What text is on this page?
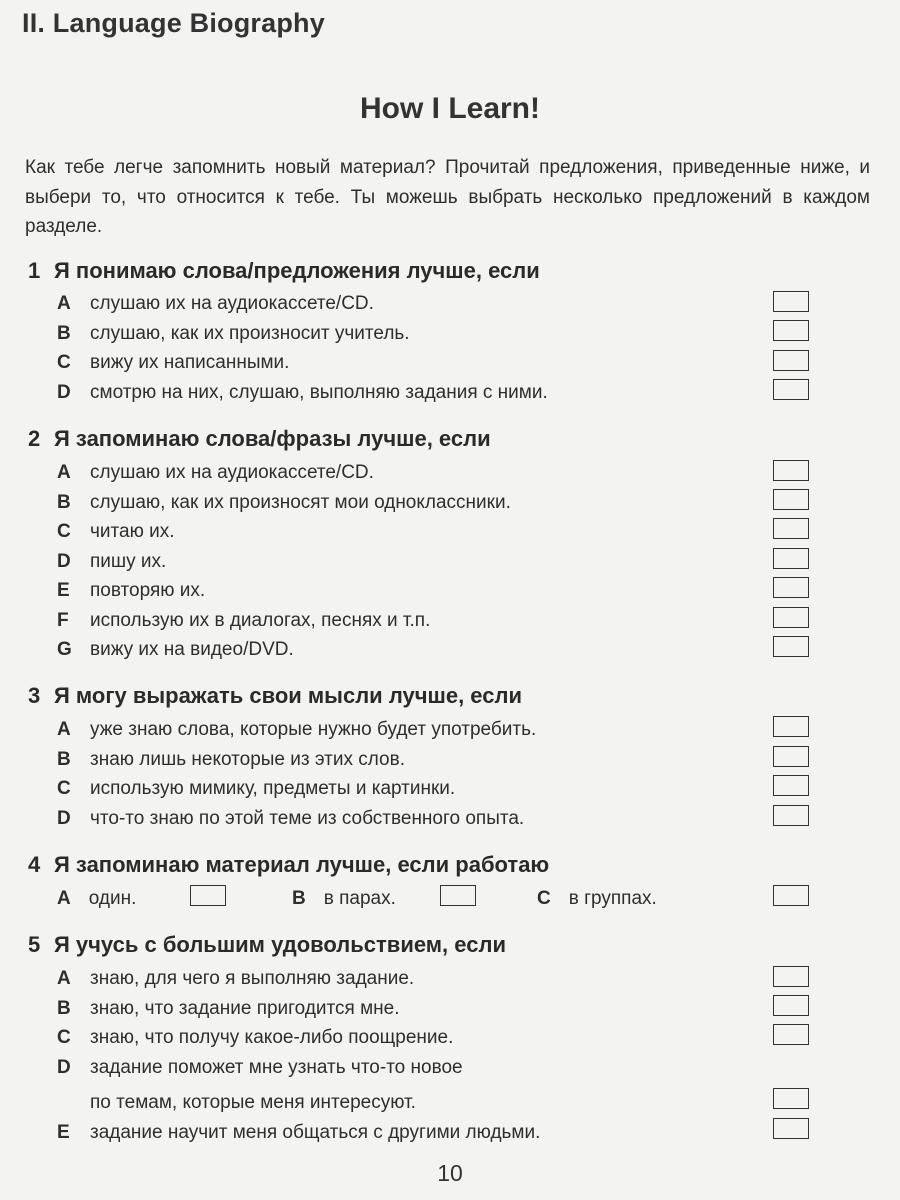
II. Language Biography
How I Learn!
Как тебе легче запомнить новый материал? Прочитай предложения, приведенные ниже, и выбери то, что относится к тебе. Ты можешь выбрать несколько предложений в каждом разделе.
1 Я понимаю слова/предложения лучше, если
A слушаю их на аудиокассете/CD.
B слушаю, как их произносит учитель.
C вижу их написанными.
D смотрю на них, слушаю, выполняю задания с ними.
2 Я запоминаю слова/фразы лучше, если
A слушаю их на аудиокассете/CD.
B слушаю, как их произносят мои одноклассники.
C читаю их.
D пишу их.
E повторяю их.
F использую их в диалогах, песнях и т.п.
G вижу их на видео/DVD.
3 Я могу выражать свои мысли лучше, если
A уже знаю слова, которые нужно будет употребить.
B знаю лишь некоторые из этих слов.
C использую мимику, предметы и картинки.
D что-то знаю по этой теме из собственного опыта.
4 Я запоминаю материал лучше, если работаю
A один.	B в парах.	C в группах.
5 Я учусь с большим удовольствием, если
A знаю, для чего я выполняю задание.
B знаю, что задание пригодится мне.
C знаю, что получу какое-либо поощрение.
D задание поможет мне узнать что-то новое
по темам, которые меня интересуют.
E задание научит меня общаться с другими людьми.
10
